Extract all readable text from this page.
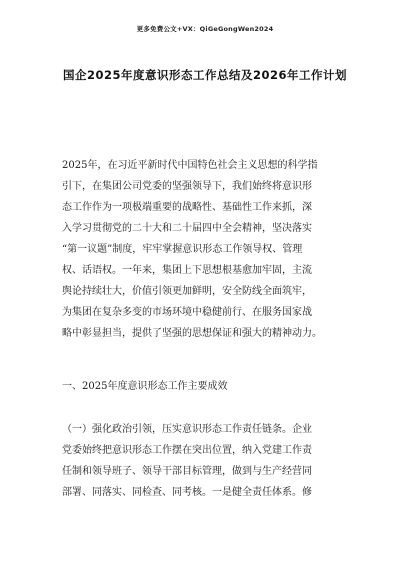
更多免费公文+VX：QiGeGongWen2024
国企2025年度意识形态工作总结及2026年工作计划
2025年，在习近平新时代中国特色社会主义思想的科学指
引下，在集团公司党委的坚强领导下，我们始终将意识形
态工作作为一项极端重要的战略性、基础性工作来抓，深
入学习贯彻党的二十大和二十届四中全会精神，坚决落实
“第一议题”制度，牢牢掌握意识形态工作领导权、管理
权、话语权。一年来，集团上下思想根基愈加牢固，主流
舆论持续壮大，价值引领更加鲜明，安全防线全面筑牢，
为集团在复杂多变的市场环境中稳健前行、在服务国家战
略中彰显担当，提供了坚强的思想保证和强大的精神动力。
一、2025年度意识形态工作主要成效
（一）强化政治引领，压实意识形态工作责任链条。企业
党委始终把意识形态工作摆在突出位置，纳入党建工作责
任制和领导班子、领导干部目标管理，做到与生产经营同
部署、同落实、同检查、同考核。一是健全责任体系。修
